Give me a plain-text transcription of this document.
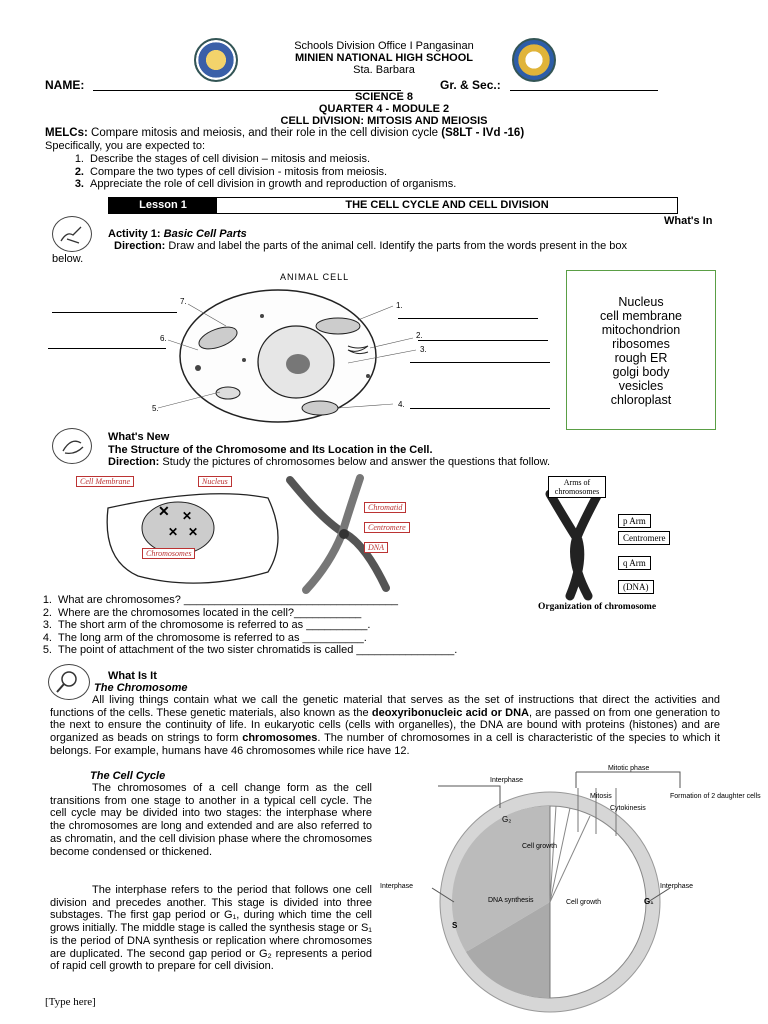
Schools Division Office I Pangasinan
MINIEN NATIONAL HIGH SCHOOL
Sta. Barbara
NAME:	Gr. & Sec.:
SCIENCE 8
QUARTER 4 - MODULE 2
CELL DIVISION: MITOSIS AND MEIOSIS
MELCs: Compare mitosis and meiosis, and their role in the cell division cycle (S8LT - IVd -16)
Specifically, you are expected to:
1. Describe the stages of cell division – mitosis and meiosis.
2. Compare the two types of cell division - mitosis from meiosis.
3. Appreciate the role of cell division in growth and reproduction of organisms.
Lesson 1	THE CELL CYCLE AND CELL DIVISION
What's In
Activity 1: Basic Cell Parts
Direction: Draw and label the parts of the animal cell. Identify the parts from the words present in the box
below.
ANIMAL CELL
7.
6.
5.
1.
2.
3.
4.
Nucleus
cell membrane
mitochondrion
ribosomes
rough ER
golgi body
vesicles
chloroplast
What's New
The Structure of the Chromosome and Its Location in the Cell.
Direction: Study the pictures of chromosomes below and answer the questions that follow.
✕ ✕
✕ ✕
Cell Membrane	Nucleus
Chromosomes
Chromatid
Centromere
DNA
Arms of chromosomes
p Arm
Centromere
q Arm
(DNA)
Organization of chromosome
1. What are chromosomes? ___________________________________
2. Where are the chromosomes located in the cell?___________
3. The short arm of the chromosome is referred to as __________.
4. The long arm of the chromosome is referred to as __________.
5. The point of attachment of the two sister chromatids is called ________________.
What Is It
The Chromosome
All living things contain what we call the genetic material that serves as the set of instructions that direct the activities and functions of the cells. These genetic materials, also known as the deoxyribonucleic acid or DNA, are passed on from one generation to the next to ensure the continuity of life. In eukaryotic cells (cells with organelles), the DNA are bound with proteins (histones) and are organized as beads on strings to form chromosomes. The number of chromosomes in a cell is characteristic of the species to which it belongs. For example, humans have 46 chromosomes while rice have 12.
The Cell Cycle
The chromosomes of a cell change form as the cell transitions from one stage to another in a typical cell cycle. The cell cycle may be divided into two stages: the interphase where the chromosomes are long and extended and are also referred to as chromatin, and the cell division phase where the chromosomes become condensed or thickened.
The interphase refers to the period that follows one cell division and precedes another. This stage is divided into three substages. The first gap period or G₁, during which time the cell grows initially. The middle stage is called the synthesis stage or S₁ is the period of DNA synthesis or replication where chromosomes are duplicated. The second gap period or G₂ represents a period of rapid cell growth to prepare for cell division.
Mitotic phase
Interphase
Mitosis
Cytokinesis
Formation of 2 daughter cells
G₂
Cell growth
DNA synthesis	Cell growth
Interphase	Interphase
S
G₁
[Type here]
